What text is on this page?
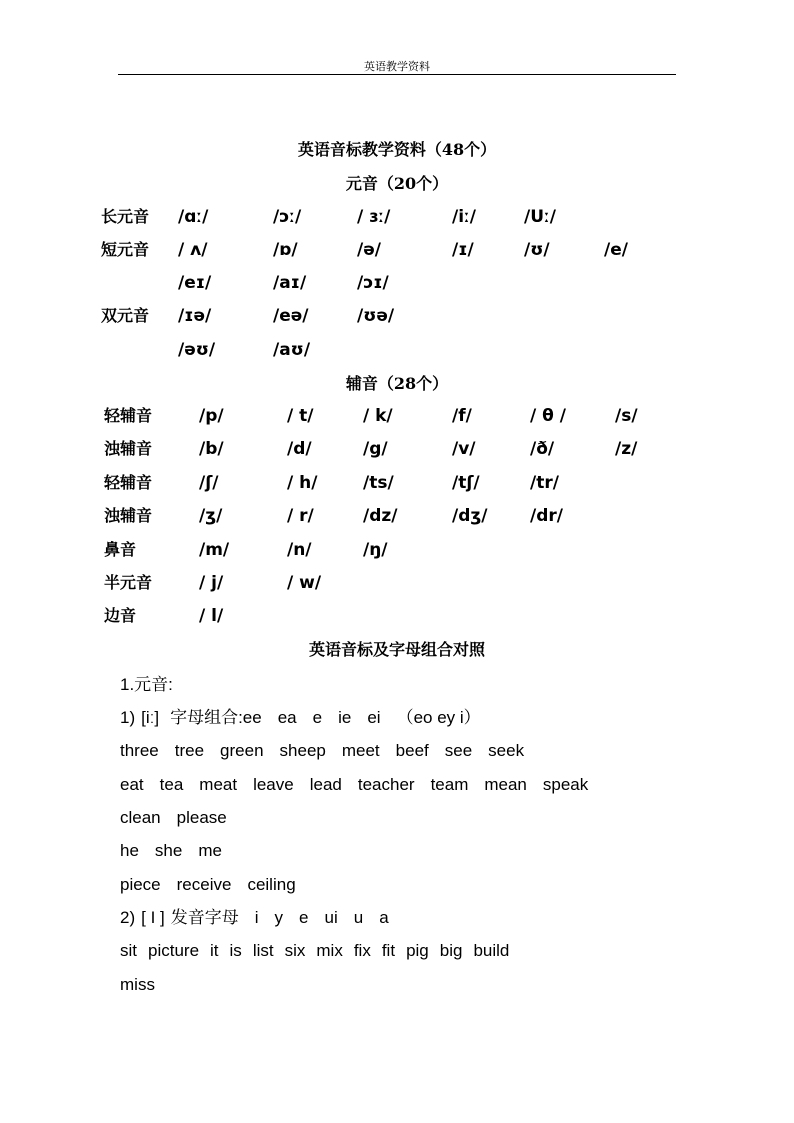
英语教学资料
英语音标教学资料（48个）
元音（20个）
长元音 /ɑː/	/ɔː/	/ ɜː/	/iː/	/Uː/
短元音 / ʌ/	/ɒ/	/ə/	/ɪ/	/ʊ/	/e/
/eɪ/	/aɪ/	/ɔɪ/
双元音 /ɪə/	/eə/	/ʊə/
/əʊ/	/aʊ/
辅音（28个）
轻辅音	/p/	/ t/	/ k/	/f/	/ θ /	/s/
浊辅音	/b/	/d/	/g/	/v/	/ð/	/z/
轻辅音	/ʃ/	/ h/	/ts/	/tʃ/	/tr/
浊辅音	/ʒ/	/ r/	/dz/	/dʒ/	/dr/
鼻音	/m/	/n/	/ŋ/
半元音	/ j/	/ w/
边音	/ l/
英语音标及字母组合对照
1.元音:
1) [iː] 字母组合:ee ea e ie ei （eo ey i）
three tree green sheep meet beef see seek
eat tea meat leave lead teacher team mean speak
clean please
he she me
piece receive ceiling
2) [ I ] 发音字母 i y e ui u a
sit picture it is list six mix fix fit pig big build
miss
